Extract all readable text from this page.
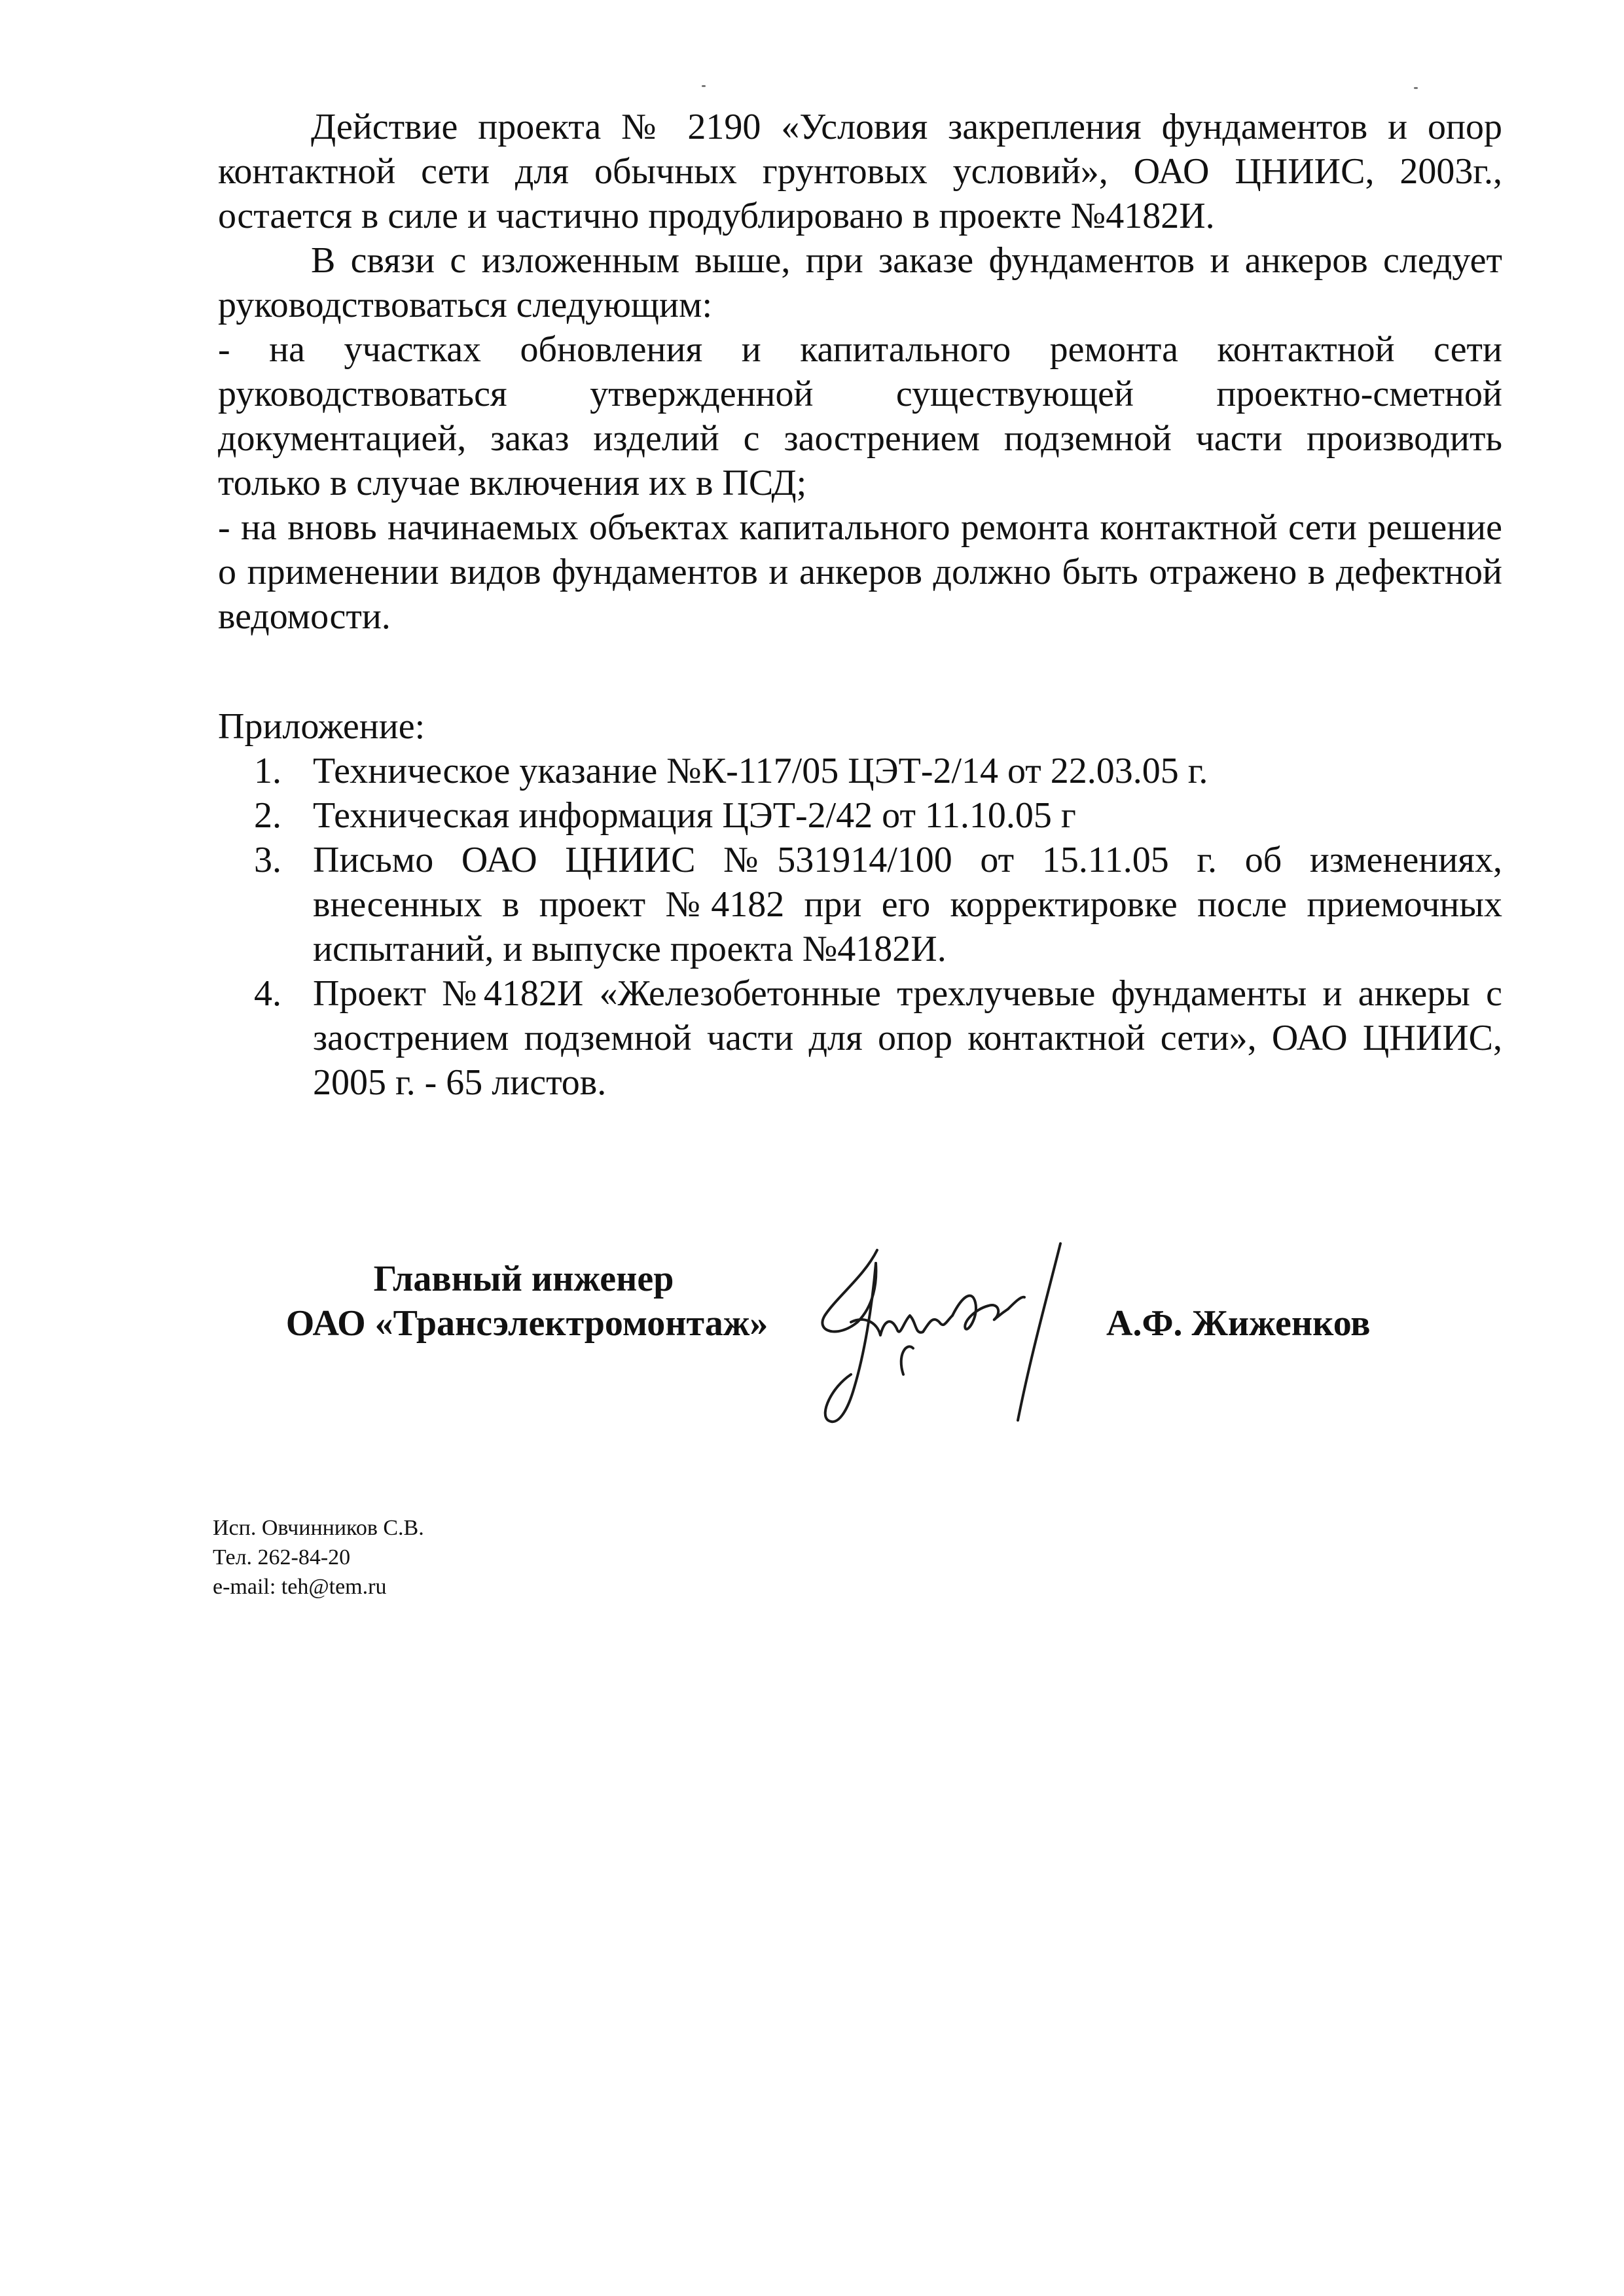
Действие проекта № 2190 «Условия закрепления фундаментов и опор контактной сети для обычных грунтовых условий», ОАО ЦНИИС, 2003г., остается в силе и частично продублировано в проекте №4182И.

В связи с изложенным выше, при заказе фундаментов и анкеров следует руководствоваться следующим:

- на участках обновления и капитального ремонта контактной сети руководствоваться утвержденной существующей проектно-сметной документацией, заказ изделий с заострением подземной части производить только в случае включения их в ПСД;

- на вновь начинаемых объектах капитального ремонта контактной сети решение о применении видов фундаментов и анкеров должно быть отражено в дефектной ведомости.

Приложение:

1. Техническое указание №К-117/05 ЦЭТ-2/14 от 22.03.05 г.
2. Техническая информация ЦЭТ-2/42 от 11.10.05 г
3. Письмо ОАО ЦНИИС №531914/100 от 15.11.05 г. об изменениях, внесенных в проект №4182 при его корректировке после приемочных испытаний, и выпуске проекта №4182И.
4. Проект №4182И «Железобетонные трехлучевые фундаменты и анкеры с заострением подземной части для опор контактной сети», ОАО ЦНИИС, 2005 г. - 65 листов.
Главный инженер
ОАО «Трансэлектромонтаж»	А.Ф. Жиженков
Исп. Овчинников С.В.
Тел. 262-84-20
e-mail: teh@tem.ru
